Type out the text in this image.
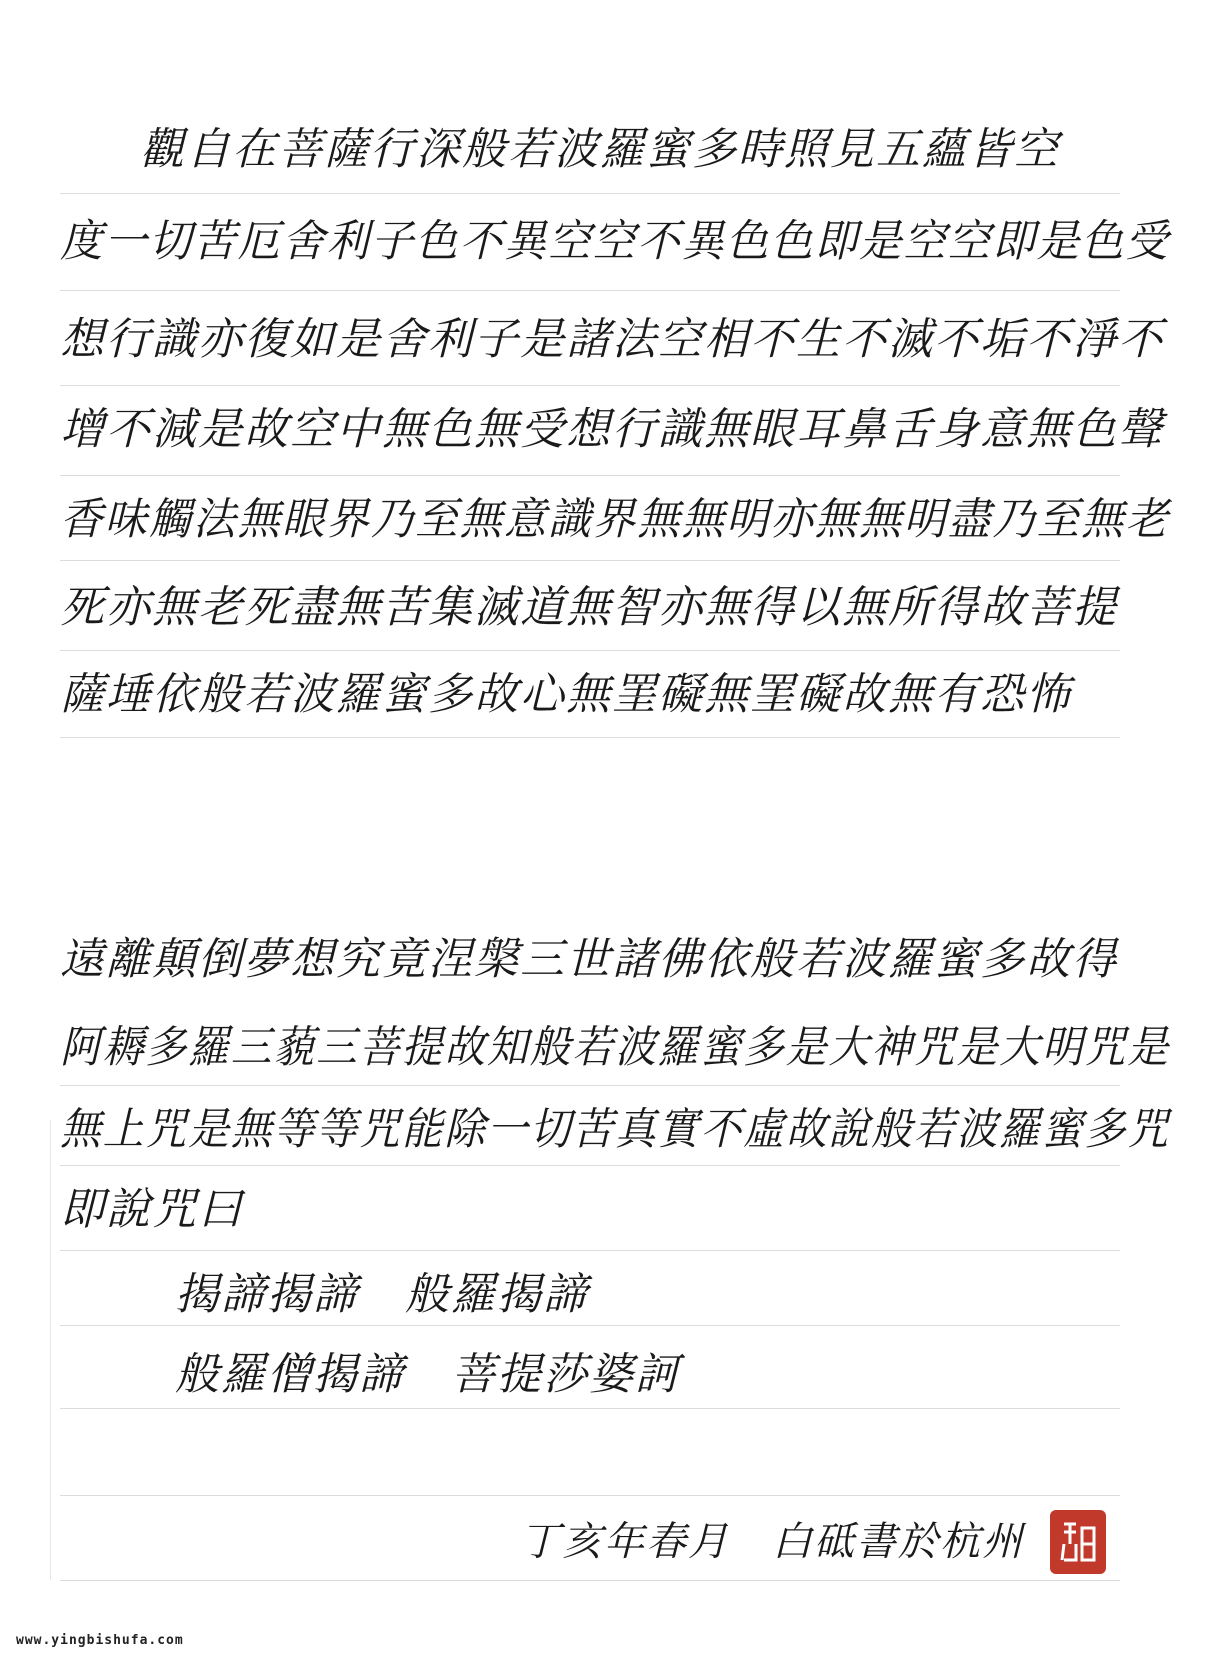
觀自在菩薩行深般若波羅蜜多時照見五蘊皆空
度一切苦厄舍利子色不異空空不異色色即是空空即是色受
想行識亦復如是舍利子是諸法空相不生不滅不垢不淨不
增不減是故空中無色無受想行識無眼耳鼻舌身意無色聲
香味觸法無眼界乃至無意識界無無明亦無無明盡乃至無老
死亦無老死盡無苦集滅道無智亦無得以無所得故菩提
薩埵依般若波羅蜜多故心無罣礙無罣礙故無有恐怖
遠離顛倒夢想究竟涅槃三世諸佛依般若波羅蜜多故得
阿耨多羅三藐三菩提故知般若波羅蜜多是大神咒是大明咒是
無上咒是無等等咒能除一切苦真實不虛故說般若波羅蜜多咒
即說咒曰
揭諦揭諦　般羅揭諦
般羅僧揭諦　菩提莎婆訶
丁亥年春月　白砥書於杭州
www.yingbishufa.com
